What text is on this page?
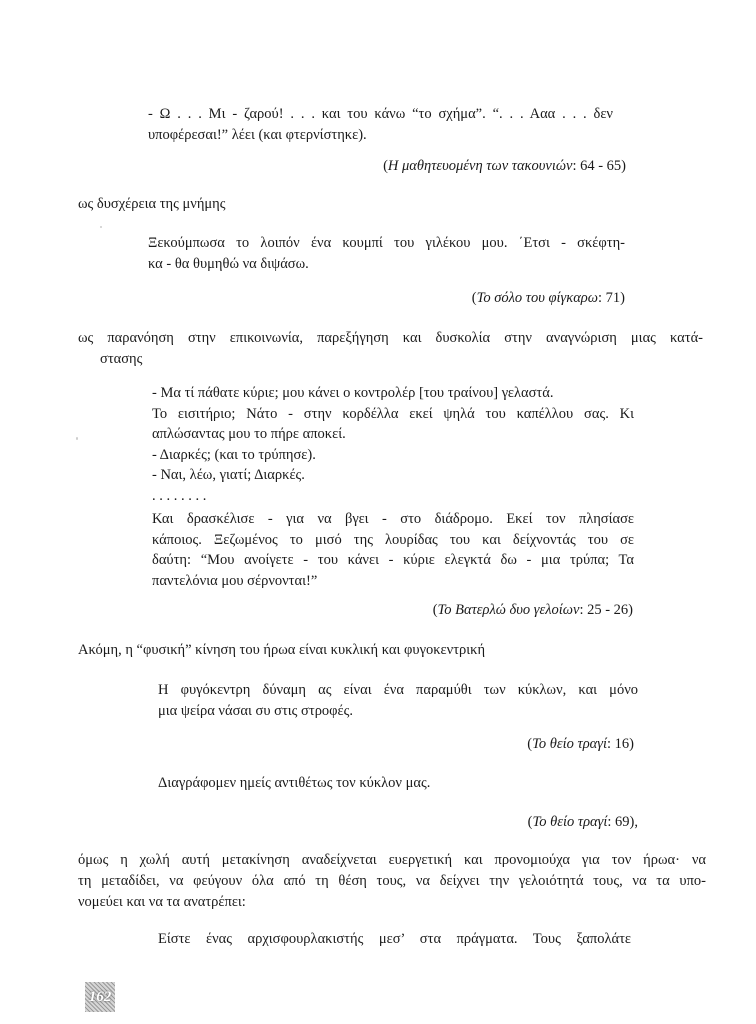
- Ω . . . Μι - ζαρού! . . . και του κάνω “το σχήμα”. “. . . Ααα . . . δεν
υποφέρεσαι!” λέει (και φτερνίστηκε).
(Η μαθητευομένη των τακουνιών: 64 - 65)
ως δυσχέρεια της μνήμης
Ξεκούμπωσα το λοιπόν ένα κουμπί του γιλέκου μου. ΄Ετσι - σκέφτη-
κα - θα θυμηθώ να διψάσω.
(Το σόλο του φίγκαρω: 71)
ως παρανόηση στην επικοινωνία, παρεξήγηση και δυσκολία στην αναγνώριση μιας κατά-
στασης
- Μα τί πάθατε κύριε; μου κάνει ο κοντρολέρ [του τραίνου] γελαστά.
Το εισιτήριο; Νάτο - στην κορδέλλα εκεί ψηλά του καπέλλου σας. Κι
απλώσαντας μου το πήρε αποκεί.
- Διαρκές; (και το τρύπησε).
- Ναι, λέω, γιατί; Διαρκές.
. . . . . . . .
Και δρασκέλισε - για να βγει - στο διάδρομο. Εκεί τον πλησίασε
κάποιος. Ξεζωμένος το μισό της λουρίδας του και δείχνοντάς του σε
δαύτη: “Μου ανοίγετε - του κάνει - κύριε ελεγκτά δω - μια τρύπα; Τα
παντελόνια μου σέρνονται!”
(Το Βατερλώ δυο γελοίων: 25 - 26)
Ακόμη, η “φυσική” κίνηση του ήρωα είναι κυκλική και φυγοκεντρική
Η φυγόκεντρη δύναμη ας είναι ένα παραμύθι των κύκλων, και μόνο
μια ψείρα νάσαι συ στις στροφές.
(Το θείο τραγί: 16)
Διαγράφομεν ημείς αντιθέτως τον κύκλον μας.
(Το θείο τραγί: 69),
όμως η χωλή αυτή μετακίνηση αναδείχνεται ευεργετική και προνομιούχα για τον ήρωα· να
τη μεταδίδει, να φεύγουν όλα από τη θέση τους, να δείχνει την γελοιότητά τους, να τα υπο-
νομεύει και να τα ανατρέπει:
Είστε ένας αρχισφουρλακιστής μεσ’ στα πράγματα. Τους ξαπολάτε
162
